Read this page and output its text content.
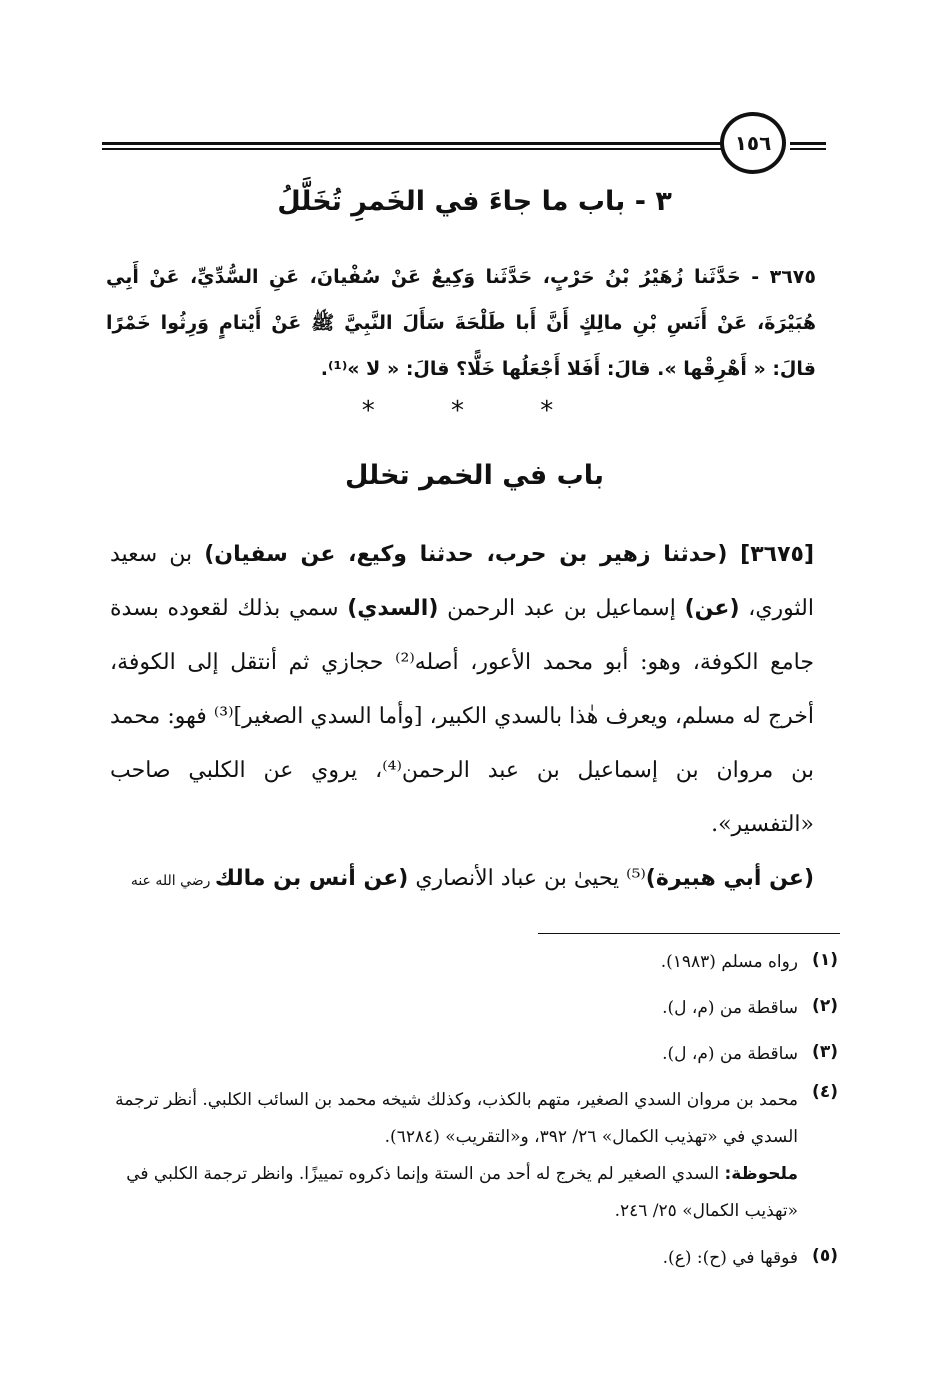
١٥٦
٣ - باب ما جاءَ في الخَمرِ تُخَلَّلُ
٣٦٧٥ - حَدَّثَنا زُهَيْرُ بْنُ حَرْبٍ، حَدَّثَنا وَكِيعٌ عَنْ سُفْيانَ، عَنِ السُّدِّيِّ، عَنْ أَبِي هُبَيْرَةَ، عَنْ أَنَسِ بْنِ مالِكٍ أَنَّ أَبا طَلْحَةَ سَأَلَ النَّبِيَّ ﷺ عَنْ أَيْتامٍ وَرِثُوا خَمْرًا قالَ: « أَهْرِقْها ». قالَ: أَفَلا أَجْعَلُها خَلًّا؟ قالَ: « لا »⁽¹⁾.
* * *
باب في الخمر تخلل

[٣٦٧٥] (حدثنا زهير بن حرب، حدثنا وكيع، عن سفيان) بن سعيد الثوري، (عن) إسماعيل بن عبد الرحمن (السدي) سمي بذلك لقعوده بسدة جامع الكوفة، وهو: أبو محمد الأعور، أصله⁽²⁾ حجازي ثم أنتقل إلى الكوفة، أخرج له مسلم، ويعرف هٰذا بالسدي الكبير، [وأما السدي الصغير]⁽³⁾ فهو: محمد بن مروان بن إسماعيل بن عبد الرحمن⁽⁴⁾، يروي عن الكلبي صاحب «التفسير».

(عن أبي هبيرة)⁽⁵⁾ يحيىٰ بن عباد الأنصاري (عن أنس بن مالك رضي الله عنه

(١)
رواه مسلم (١٩٨٣).
(٢)
ساقطة من (م، ل).
(٣)
ساقطة من (م، ل).
(٤)
محمد بن مروان السدي الصغير، متهم بالكذب، وكذلك شيخه محمد بن السائب الكلبي. أنظر ترجمة السدي في «تهذيب الكمال» ٢٦/ ٣٩٢، و«التقريب» (٦٢٨٤).
ملحوظة: السدي الصغير لم يخرج له أحد من الستة وإنما ذكروه تمييزًا. وانظر ترجمة الكلبي في «تهذيب الكمال» ٢٥/ ٢٤٦.
(٥)
فوقها في (ح): (ع).
